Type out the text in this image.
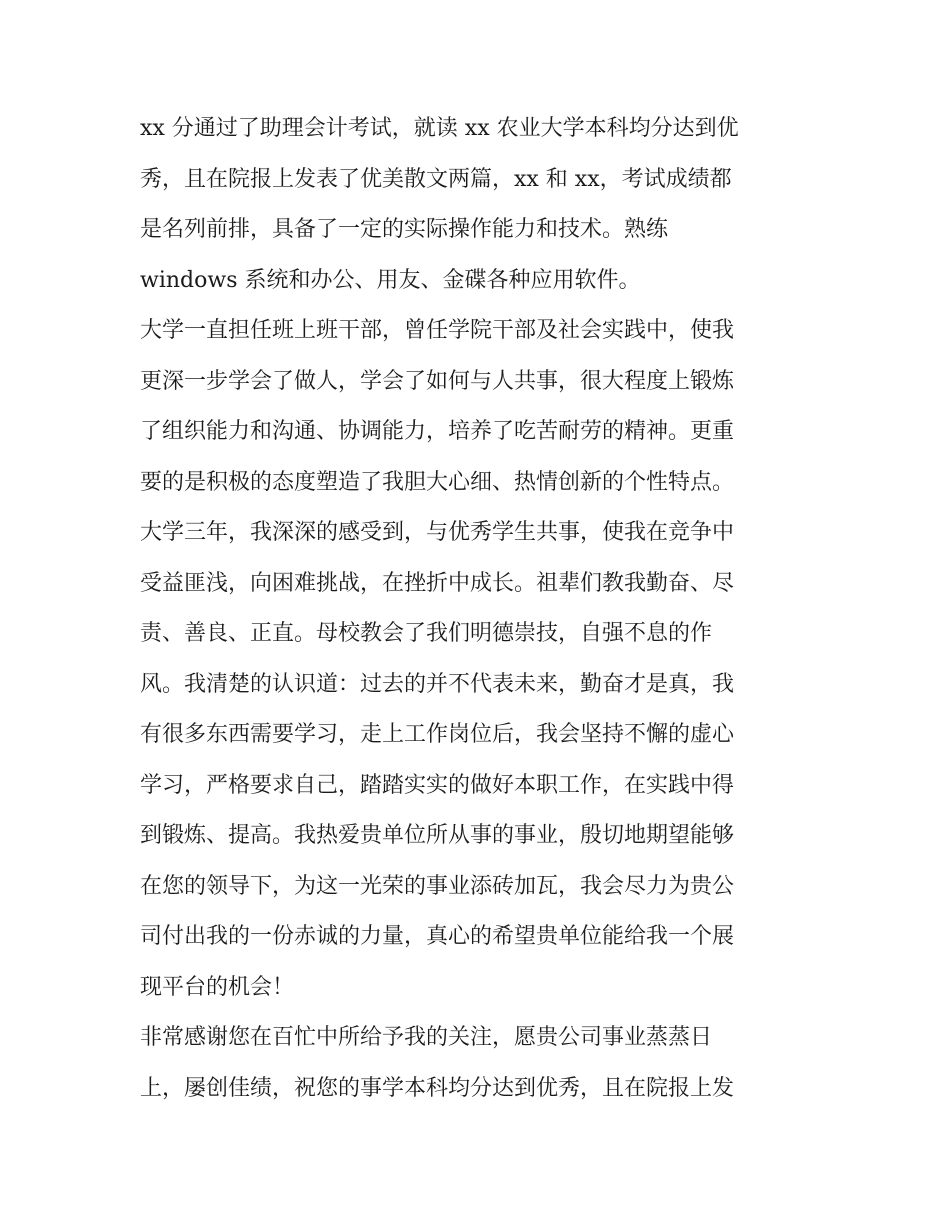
xx 分通过了助理会计考试，就读 xx 农业大学本科均分达到优
秀，且在院报上发表了优美散文两篇，xx 和 xx，考试成绩都
是名列前排，具备了一定的实际操作能力和技术。熟练
windows 系统和办公、用友、金碟各种应用软件。
大学一直担任班上班干部，曾任学院干部及社会实践中，使我
更深一步学会了做人，学会了如何与人共事，很大程度上锻炼
了组织能力和沟通、协调能力，培养了吃苦耐劳的精神。更重
要的是积极的态度塑造了我胆大心细、热情创新的个性特点。
大学三年，我深深的感受到，与优秀学生共事，使我在竞争中
受益匪浅，向困难挑战，在挫折中成长。祖辈们教我勤奋、尽
责、善良、正直。母校教会了我们明德崇技，自强不息的作
风。我清楚的认识道：过去的并不代表未来，勤奋才是真，我
有很多东西需要学习，走上工作岗位后，我会坚持不懈的虚心
学习，严格要求自己，踏踏实实的做好本职工作，在实践中得
到锻炼、提高。我热爱贵单位所从事的事业，殷切地期望能够
在您的领导下，为这一光荣的事业添砖加瓦，我会尽力为贵公
司付出我的一份赤诚的力量，真心的希望贵单位能给我一个展
现平台的机会！
非常感谢您在百忙中所给予我的关注，愿贵公司事业蒸蒸日
上，屡创佳绩，祝您的事学本科均分达到优秀，且在院报上发
